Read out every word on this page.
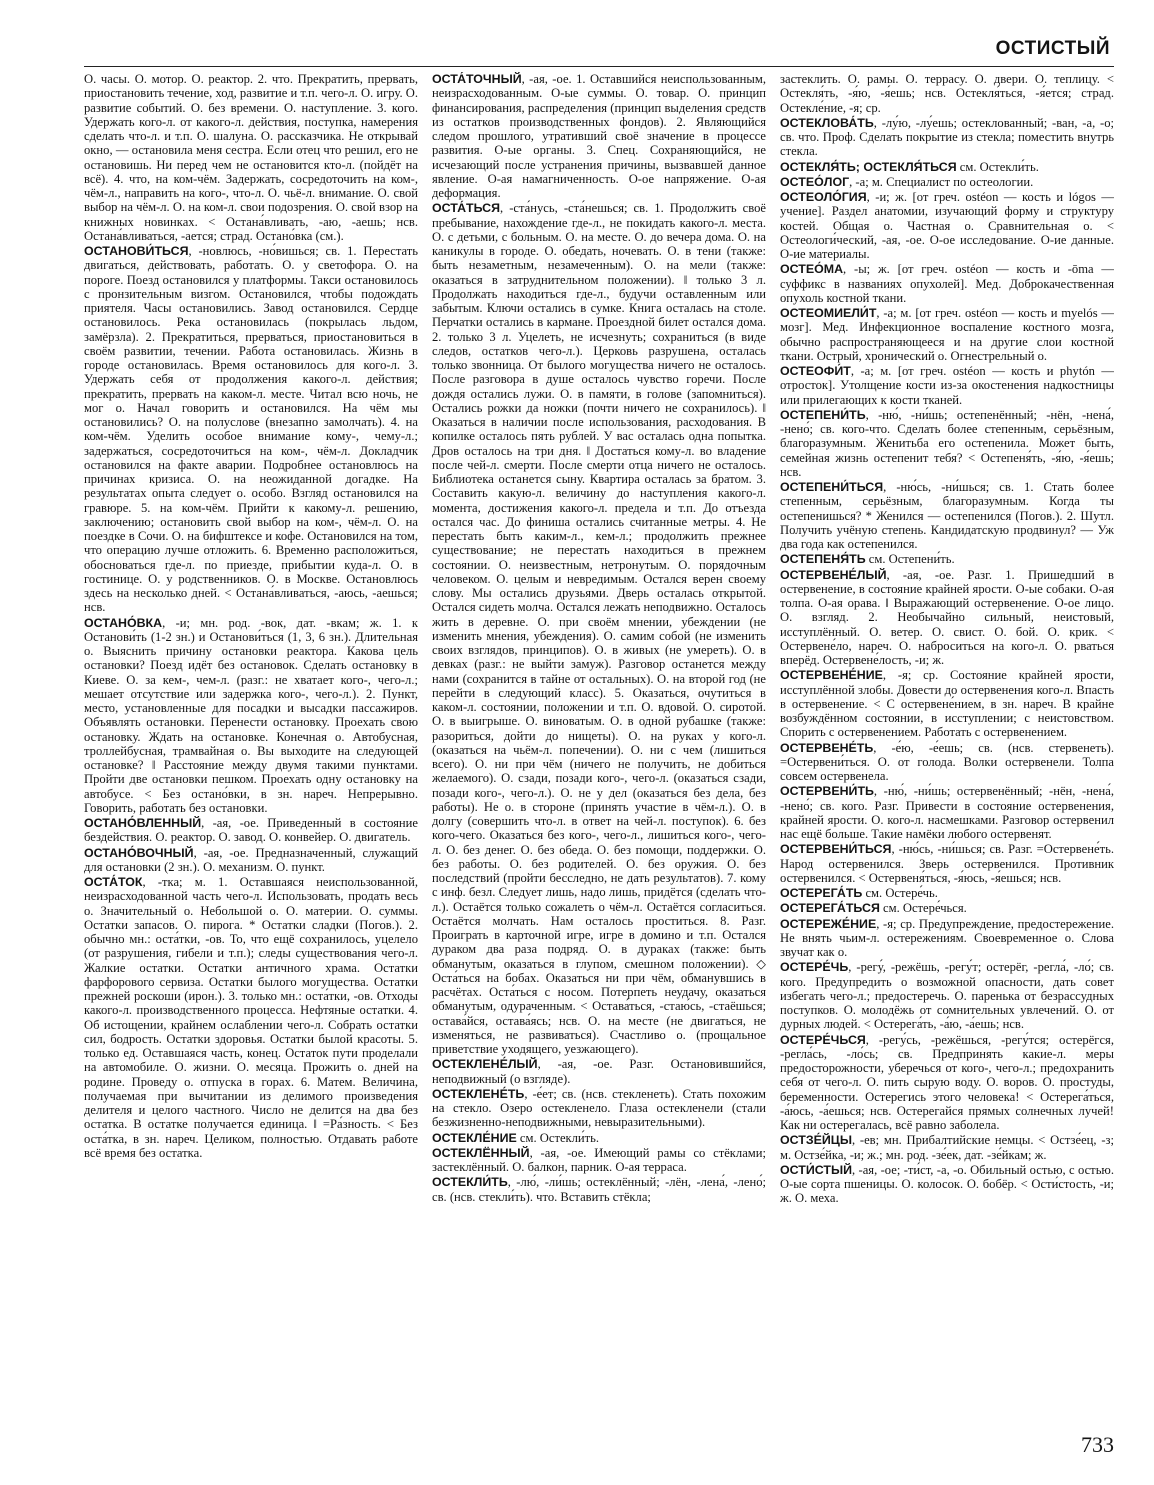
ОСТИСТЫЙ
О. часы. О. мотор. О. реактор. 2. что. Прекратить, прервать, приостановить течение, ход, развитие и т.п. чего-л. О. игру. О. развитие событий. О. без времени. О. наступление. 3. кого. Удержать кого-л. от какого-л. действия, поступка, намерения сделать что-л. и т.п. О. шалуна. О. рассказчика. Не открывай окно, — остановила меня сестра. Если отец что решил, его не остановишь. Ни перед чем не остановится кто-л. (пойдёт на всё). 4. что, на ком-чём. Задержать, сосредоточить на ком-, чём-л., направить на кого-, что-л. О. чьё-л. внимание. О. свой выбор на чём-л. О. на ком-л. свои подозрения. О. свой взор на книжных новинках. < Остана́вливать, -аю, -аешь; нсв. Остана́вливаться, -ается; страд. Остано́вка (см.).
ОСТАНОВИ́ТЬСЯ, -новлюсь, -но́вишься; св. 1. Перестать двигаться, действовать, работать. О. у светофора. О. на пороге. Поезд остановился у платформы. Такси остановилось с пронзительным визгом. Остановился, чтобы подождать приятеля. Часы остановились. Завод остановился. Сердце остановилось. Река остановилась (покрылась льдом, замёрзла). 2. Прекратиться, прерваться, приостановиться в своём развитии, течении. Работа остановилась. Жизнь в городе остановилась. Время остановилось для кого-л. 3. Удержать себя от продолжения какого-л. действия; прекратить, прервать на каком-л. месте. Читал всю ночь, не мог о. Начал говорить и остановился. На чём мы остановились? О. на полуслове (внезапно замолчать). 4. на ком-чём. Уделить особое внимание кому-, чему-л.; задержаться, сосредоточиться на ком-, чём-л. Докладчик остановился на факте аварии. Подробнее остановлюсь на причинах кризиса. О. на неожиданной догадке. На результатах опыта следует о. особо. Взгляд остановился на гравюре. 5. на ком-чём. Прийти к какому-л. решению, заключению; остановить свой выбор на ком-, чём-л. О. на поездке в Сочи. О. на бифштексе и кофе. Остановился на том, что операцию лучше отложить. 6. Временно расположиться, обосноваться где-л. по приезде, прибытии куда-л. О. в гостинице. О. у родственников. О. в Москве. Остановлюсь здесь на несколько дней. < Остана́вливаться, -аюсь, -аешься; нсв.
ОСТАНО́ВКА, -и; мн. род. -вок, дат. -вкам; ж. 1. к Останови́ть (1-2 зн.) и Останови́ться (1, 3, 6 зн.). Длительная о. Выяснить причину остановки реактора. Какова цель остановки? Поезд идёт без остановок. Сделать остановку в Киеве. О. за кем-, чем-л. (разг.: не хватает кого-, чего-л.; мешает отсутствие или задержка кого-, чего-л.). 2. Пункт, место, установленные для посадки и высадки пассажиров. Объявлять остановки. Перенести остановку. Проехать свою остановку. Ждать на остановке. Конечная о. Автобусная, троллейбусная, трамвайная о. Вы выходите на следующей остановке? ‖ Расстояние между двумя такими пунктами. Пройти две остановки пешком. Проехать одну остановку на автобусе. < Без остано́вки, в зн. нареч. Непрерывно. Говорить, работать без остановки.
ОСТАНО́ВЛЕННЫЙ, -ая, -ое. Приведенный в состояние бездействия. О. реактор. О. завод. О. конвейер. О. двигатель.
ОСТАНО́ВОЧНЫЙ, -ая, -ое. Предназначенный, служащий для остановки (2 зн.). О. механизм. О. пункт.
ОСТА́ТОК, -тка; м. 1. Оставшаяся неиспользованной, неизрасходованной часть чего-л. Использовать, продать весь о. Значительный о. Небольшой о. О. материи. О. суммы. Остатки запасов. О. пирога. * Остатки сладки (Погов.). 2. обычно мн.: оста́тки, -ов. То, что ещё сохранилось, уцелело (от разрушения, гибели и т.п.); следы существования чего-л. Жалкие остатки. Остатки античного храма. Остатки фарфорового сервиза. Остатки былого могущества. Остатки прежней роскоши (ирон.). 3. только мн.: оста́тки, -ов. Отходы какого-л. производственного процесса. Нефтяные остатки. 4. Об истощении, крайнем ослаблении чего-л. Собрать остатки сил, бодрость. Остатки здоровья. Остатки былой красоты. 5. только ед. Оставшаяся часть, конец. Остаток пути проделали на автомобиле. О. жизни. О. месяца. Прожить о. дней на родине. Проведу о. отпуска в горах. 6. Матем. Величина, получаемая при вычитании из делимого произведения делителя и целого частного. Число не делится на два без остатка. В остатке получается единица. ‖ =Ра́зность. < Без оста́тка, в зн. нареч. Целиком, полностью. Отдавать работе всё время без остатка.
ОСТА́ТОЧНЫЙ, -ая, -ое. 1. Оставшийся неиспользованным, неизрасходованным. О-ые суммы. О. товар. О. принцип финансирования, распределения (принцип выделения средств из остатков производственных фондов). 2. Являющийся следом прошлого, утративший своё значение в процессе развития. О-ые органы. 3. Спец. Сохраняющийся, не исчезающий после устранения причины, вызвавшей данное явление. О-ая намагниченность. О-ое напряжение. О-ая деформация.
ОСТА́ТЬСЯ, -ста́нусь, -ста́нешься; св. 1. Продолжить своё пребывание, нахождение где-л., не покидать какого-л. места. О. с детьми, с больным. О. на месте. О. до вечера дома. О. на каникулы в городе. О. обедать, ночевать. О. в тени (также: быть незаметным, незамеченным). О. на мели (также: оказаться в затруднительном положении). ‖ только 3 л. Продолжать находиться где-л., будучи оставленным или забытым. Ключи остались в сумке. Книга осталась на столе. Перчатки остались в кармане. Проездной билет остался дома. 2. только 3 л. Уцелеть, не исчезнуть; сохраниться (в виде следов, остатков чего-л.). Церковь разрушена, осталась только звонница. От былого могущества ничего не осталось. После разговора в душе осталось чувство горечи. После дождя остались лужи. О. в памяти, в голове (запомниться). Остались рожки да ножки (почти ничего не сохранилось). ‖ Оказаться в наличии после использования, расходования. В копилке осталось пять рублей. У вас осталась одна попытка. Дров осталось на три дня. ‖ Достаться кому-л. во владение после чей-л. смерти. После смерти отца ничего не осталось. Библиотека останется сыну. Квартира осталась за братом. 3. Составить какую-л. величину до наступления какого-л. момента, достижения какого-л. предела и т.п. До отъезда остался час. До финиша остались считанные метры. 4. Не перестать быть каким-л., кем-л.; продолжить прежнее существование; не перестать находиться в прежнем состоянии. О. неизвестным, нетронутым. О. порядочным человеком. О. целым и невредимым. Остался верен своему слову. Мы остались друзьями. Дверь осталась открытой. Остался сидеть молча. Остался лежать неподвижно. Осталось жить в деревне. О. при своём мнении, убеждении (не изменить мнения, убеждения). О. самим собой (не изменить своих взглядов, принципов). О. в живых (не умереть). О. в девках (разг.: не выйти замуж). Разговор останется между нами (сохранится в тайне от остальных). О. на второй год (не перейти в следующий класс). 5. Оказаться, очутиться в каком-л. состоянии, положении и т.п. О. вдовой. О. сиротой. О. в выигрыше. О. виноватым. О. в одной рубашке (также: разориться, дойти до нищеты). О. на руках у кого-л. (оказаться на чьём-л. попечении). О. ни с чем (лишиться всего). О. ни при чём (ничего не получить, не добиться желаемого). О. сзади, позади кого-, чего-л. (оказаться сзади, позади кого-, чего-л.). О. не у дел (оказаться без дела, без работы). Не о. в стороне (принять участие в чём-л.). О. в долгу (совершить что-л. в ответ на чей-л. поступок). 6. без кого-чего. Оказаться без кого-, чего-л., лишиться кого-, чего-л. О. без денег. О. без обеда. О. без помощи, поддержки. О. без работы. О. без родителей. О. без оружия. О. без последствий (пройти бесследно, не дать результатов). 7. кому с инф. безл. Следует лишь, надо лишь, придётся (сделать что-л.). Остаётся только сожалеть о чём-л. Остаётся согласиться. Остаётся молчать. Нам осталось проститься. 8. Разг. Проиграть в карточной игре, игре в домино и т.п. Остался дураком два раза подряд. О. в дураках (также: быть обманутым, оказаться в глупом, смешном положении). ◇ Оста́ться на бобах. Оказаться ни при чём, обманувшись в расчётах. Оста́ться с носом. Потерпеть неудачу, оказаться обманутым, одураченным. < Остава́ться, -стаю́сь, -стаёшься; остава́йся, остава́ясь; нсв. О. на месте (не двигаться, не изменяться, не развиваться). Счастливо о. (прощальное приветствие уходящего, уезжающего).
ОСТЕКЛЕНЕ́ЛЫЙ, -ая, -ое. Разг. Остановившийся, неподвижный (о взгляде).
ОСТЕКЛЕНЕ́ТЬ, -е́ет; св. (нсв. стекленеть). Стать похожим на стекло. Озеро остекленело. Глаза остекленели (стали безжизненно-неподвижными, невыразительными).
ОСТЕКЛЕ́НИЕ см. Остекли́ть.
ОСТЕКЛЁННЫЙ, -ая, -ое. Имеющий рамы со стёклами; застеклённый. О. балкон, парник. О-ая терраса.
ОСТЕКЛИ́ТЬ, -лю́, -ли́шь; остеклённый; -лён, -лена́, -лено́; св. (нсв. стекли́ть). что. Вставить стёкла;
застеклить. О. рамы. О. террасу. О. двери. О. теплицу. < Остекля́ть, -я́ю, -я́ешь; нсв. Остекля́ться, -я́ется; страд. Остекле́ние, -я; ср.
ОСТЕКЛОВА́ТЬ, -лу́ю, -лу́ешь; остеклованный; -ван, -а, -о; св. что. Проф. Сделать покрытие из стекла; поместить внутрь стекла.
ОСТЕКЛЯ́ТЬ; ОСТЕКЛЯ́ТЬСЯ см. Остекли́ть.
ОСТЕО́ЛОГ, -а; м. Специалист по остеологии.
ОСТЕОЛО́ГИЯ, -и; ж. [от греч. ostéon — кость и lógos — учение]. Раздел анатомии, изучающий форму и структуру костей. Общая о. Частная о. Сравнительная о. < Остеологи́ческий, -ая, -ое. О-ое исследование. О-ие данные. О-ие материалы.
ОСТЕО́МА, -ы; ж. [от греч. ostéon — кость и -ōma — суффикс в названиях опухолей]. Мед. Доброкачественная опухоль костной ткани.
ОСТЕОМИЕЛИ́Т, -а; м. [от греч. ostéon — кость и myelós — мозг]. Мед. Инфекционное воспаление костного мозга, обычно распространяющееся и на другие слои костной ткани. Острый, хронический о. Огнестрельный о.
ОСТЕОФИ́Т, -а; м. [от греч. ostéon — кость и phytón — отросток]. Утолщение кости из-за окостенения надкостницы или прилегающих к кости тканей.
ОСТЕПЕНИ́ТЬ, -ню́, -ни́шь; остепенённый; -нён, -нена́, -нено́; св. кого-что. Сделать более степенным, серьёзным, благоразумным. Женитьба его остепенила. Может быть, семейная жизнь остепенит тебя? < Остепеня́ть, -я́ю, -я́ешь; нсв.
ОСТЕПЕНИ́ТЬСЯ, -ню́сь, -ни́шься; св. 1. Стать более степенным, серьёзным, благоразумным. Когда ты остепенишься? * Женился — остепенился (Погов.). 2. Шутл. Получить учёную степень. Кандидатскую продвинул? — Уж два года как остепенился.
ОСТЕПЕНЯ́ТЬ см. Остепени́ть.
ОСТЕРВЕНЕ́ЛЫЙ, -ая, -ое. Разг. 1. Пришедший в остервенение, в состояние крайней ярости. О-ые собаки. О-ая толпа. О-ая орава. ‖ Выражающий остервенение. О-ое лицо. О. взгляд. 2. Необычайно сильный, неистовый, исступлённый. О. ветер. О. свист. О. бой. О. крик. < Остервене́ло, нареч. О. наброситься на кого-л. О. рваться вперёд. Остервене́лость, -и; ж.
ОСТЕРВЕНЕ́НИЕ, -я; ср. Состояние крайней ярости, исступлённой злобы. Довести до остервенения кого-л. Впасть в остервенение. < С остервене́нием, в зн. нареч. В крайне возбуждённом состоянии, в исступлении; с неистовством. Спорить с остервенением. Работать с остервенением.
ОСТЕРВЕНЕ́ТЬ, -е́ю, -е́ешь; св. (нсв. стервенеть). =Остервени́ться. О. от голода. Волки остервенели. Толпа совсем остервенела.
ОСТЕРВЕНИ́ТЬ, -ню́, -ни́шь; остервенённый; -нён, -нена́, -нено́; св. кого. Разг. Привести в состояние остервенения, крайней ярости. О. кого-л. насмешками. Разговор остервенил нас ещё больше. Такие намёки любого остервенят.
ОСТЕРВЕНИ́ТЬСЯ, -ню́сь, -ни́шься; св. Разг. =Остервене́ть. Народ остервенился. Зверь остервенился. Противник остервенился. < Остервеня́ться, -я́юсь, -я́ешься; нсв.
ОСТЕРЕГА́ТЬ см. Остере́чь.
ОСТЕРЕГА́ТЬСЯ см. Остере́чься.
ОСТЕРЕЖЕ́НИЕ, -я; ср. Предупреждение, предостережение. Не внять чьим-л. остережениям. Своевременное о. Слова звучат как о.
ОСТЕРЕ́ЧЬ, -регу́, -режёшь, -регу́т; остерёг, -регла́, -ло́; св. кого. Предупредить о возможной опасности, дать совет избегать чего-л.; предостеречь. О. паренька от безрассудных поступков. О. молодёжь от сомнительных увлечений. О. от дурных людей. < Остерега́ть, -а́ю, -а́ешь; нсв.
ОСТЕРЕ́ЧЬСЯ, -регу́сь, -режёшься, -регу́тся; остерёгся, -регла́сь, -ло́сь; св. Предпринять какие-л. меры предосторожности, уберечься от кого-, чего-л.; предохранить себя от чего-л. О. пить сырую воду. О. воров. О. простуды, беременности. Остерегись этого человека! < Остерега́ться, -а́юсь, -а́ешься; нсв. Остерегайся прямых солнечных лучей! Как ни остерегалась, всё равно заболела.
ОСТЗЕ́ЙЦЫ, -ев; мн. Прибалтийские немцы. < Остзе́ец, -з; м. Остзе́йка, -и; ж.; мн. род. -зе́ек, дат. -зе́йкам; ж.
ОСТИ́СТЫЙ, -ая, -ое; -ти́ст, -а, -о. Обильный остью, с остью. О-ые сорта пшеницы. О. колосок. О. бобёр. < Ости́стость, -и; ж. О. меха.
733
